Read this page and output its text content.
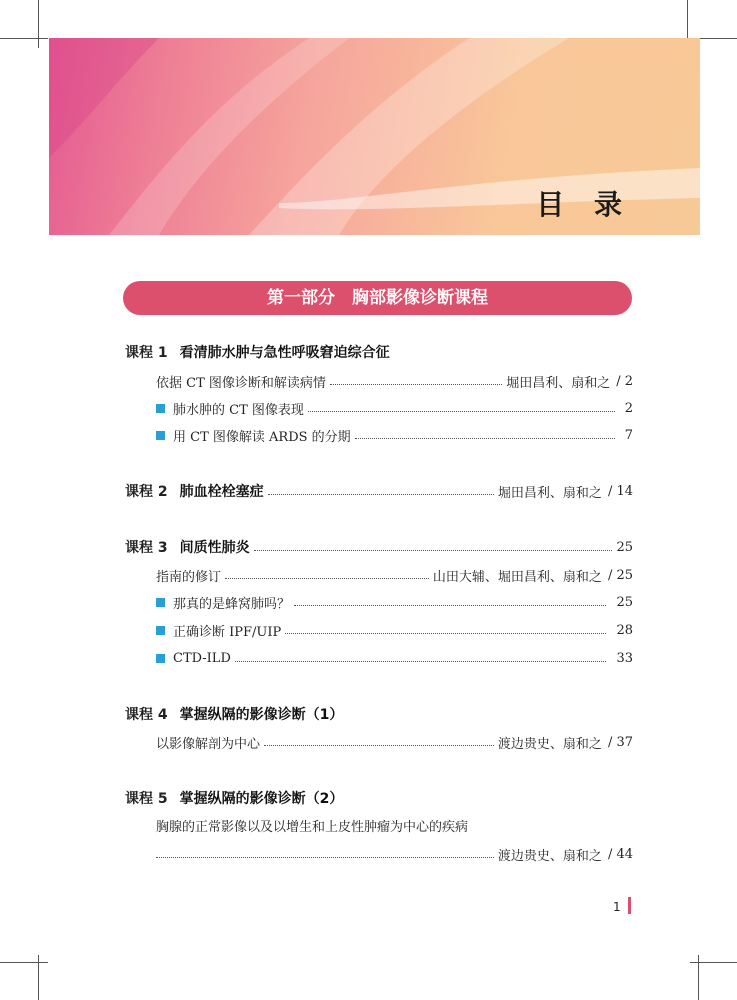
目 录
第一部分　胸部影像诊断课程
课程 1 看清肺水肿与急性呼吸窘迫综合征
依据 CT 图像诊断和解读病情	堀田昌利、扇和之 / 2
肺水肿的 CT 图像表现	2
用 CT 图像解读 ARDS 的分期	7
课程 2 肺血栓栓塞症	堀田昌利、扇和之 / 14
课程 3 间质性肺炎	25
指南的修订	山田大辅、堀田昌利、扇和之 / 25
那真的是蜂窝肺吗？	25
正确诊断 IPF/UIP	28
CTD-ILD	33
课程 4 掌握纵隔的影像诊断（1）
以影像解剖为中心	渡边贵史、扇和之 / 37
课程 5 掌握纵隔的影像诊断（2）
胸腺的正常影像以及以增生和上皮性肿瘤为中心的疾病
渡边贵史、扇和之 / 44
1
